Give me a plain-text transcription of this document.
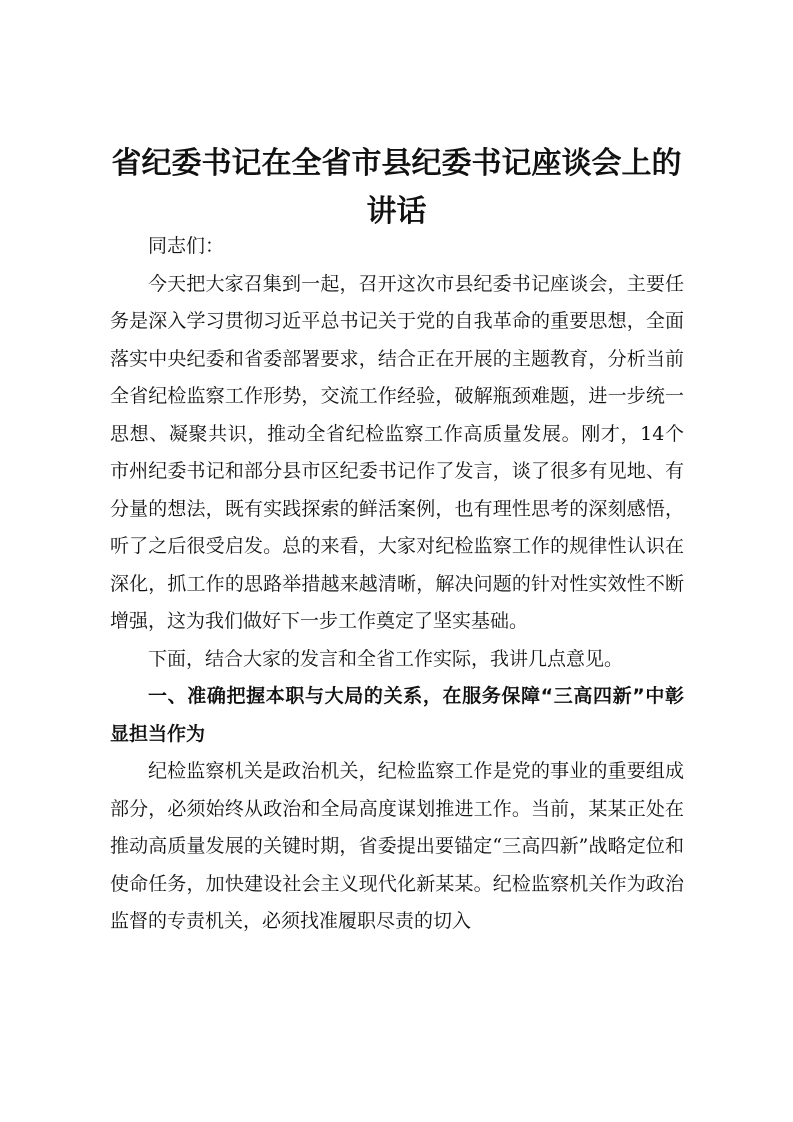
省纪委书记在全省市县纪委书记座谈会上的讲话

同志们：

今天把大家召集到一起，召开这次市县纪委书记座谈会，主要任务是深入学习贯彻习近平总书记关于党的自我革命的重要思想，全面落实中央纪委和省委部署要求，结合正在开展的主题教育，分析当前全省纪检监察工作形势，交流工作经验，破解瓶颈难题，进一步统一思想、凝聚共识，推动全省纪检监察工作高质量发展。刚才，14个市州纪委书记和部分县市区纪委书记作了发言，谈了很多有见地、有分量的想法，既有实践探索的鲜活案例，也有理性思考的深刻感悟，听了之后很受启发。总的来看，大家对纪检监察工作的规律性认识在深化，抓工作的思路举措越来越清晰，解决问题的针对性实效性不断增强，这为我们做好下一步工作奠定了坚实基础。

下面，结合大家的发言和全省工作实际，我讲几点意见。

一、准确把握本职与大局的关系，在服务保障“三高四新”中彰显担当作为

纪检监察机关是政治机关，纪检监察工作是党的事业的重要组成部分，必须始终从政治和全局高度谋划推进工作。当前，某某正处在推动高质量发展的关键时期，省委提出要锚定“三高四新”战略定位和使命任务，加快建设社会主义现代化新某某。纪检监察机关作为政治监督的专责机关，必须找准履职尽责的切入
